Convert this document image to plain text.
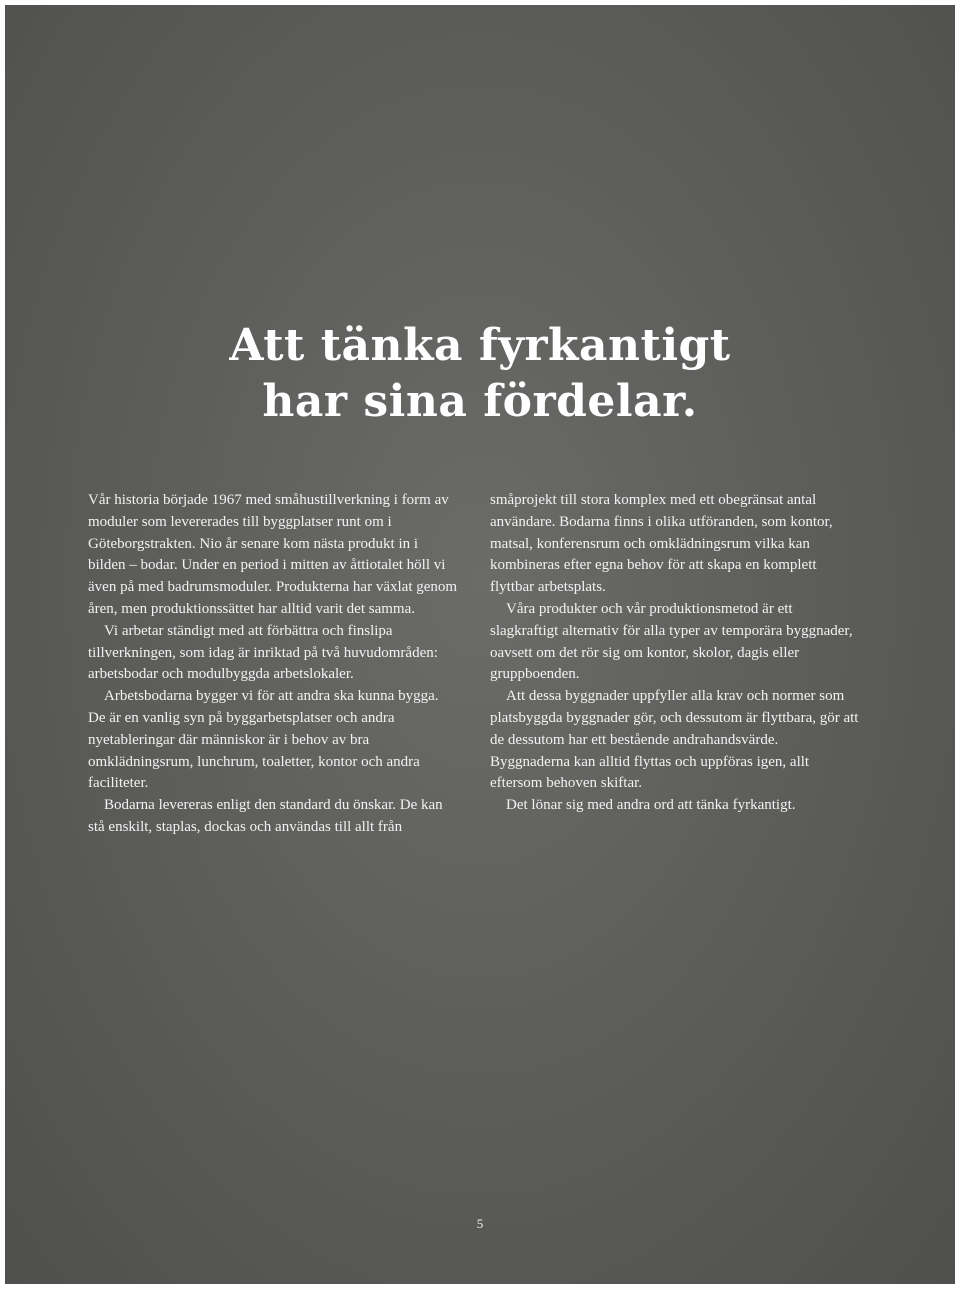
Att tänka fyrkantigt
har sina fördelar.

Vår historia började 1967 med småhustillverkning i form av moduler som levererades till byggplatser runt om i Göteborgstrakten. Nio år senare kom nästa produkt in i bilden – bodar. Under en period i mitten av åttiotalet höll vi även på med badrumsmoduler. Produkterna har växlat genom åren, men produktionssättet har alltid varit det samma.

Vi arbetar ständigt med att förbättra och finslipa tillverkningen, som idag är inriktad på två huvudområden: arbetsbodar och modulbyggda arbetslokaler.

Arbetsbodarna bygger vi för att andra ska kunna bygga. De är en vanlig syn på byggarbetsplatser och andra nyetableringar där människor är i behov av bra omklädningsrum, lunchrum, toaletter, kontor och andra faciliteter.

Bodarna levereras enligt den standard du önskar. De kan stå enskilt, staplas, dockas och användas till allt från

småprojekt till stora komplex med ett obegränsat antal användare. Bodarna finns i olika utföranden, som kontor, matsal, konferensrum och omklädningsrum vilka kan kombineras efter egna behov för att skapa en komplett flyttbar arbetsplats.

Våra produkter och vår produktionsmetod är ett slagkraftigt alternativ för alla typer av temporära byggnader, oavsett om det rör sig om kontor, skolor, dagis eller gruppboenden.

Att dessa byggnader uppfyller alla krav och normer som platsbyggda byggnader gör, och dessutom är flyttbara, gör att de dessutom har ett bestående andrahandsvärde. Byggnaderna kan alltid flyttas och uppföras igen, allt eftersom behoven skiftar.

Det lönar sig med andra ord att tänka fyrkantigt.

5
